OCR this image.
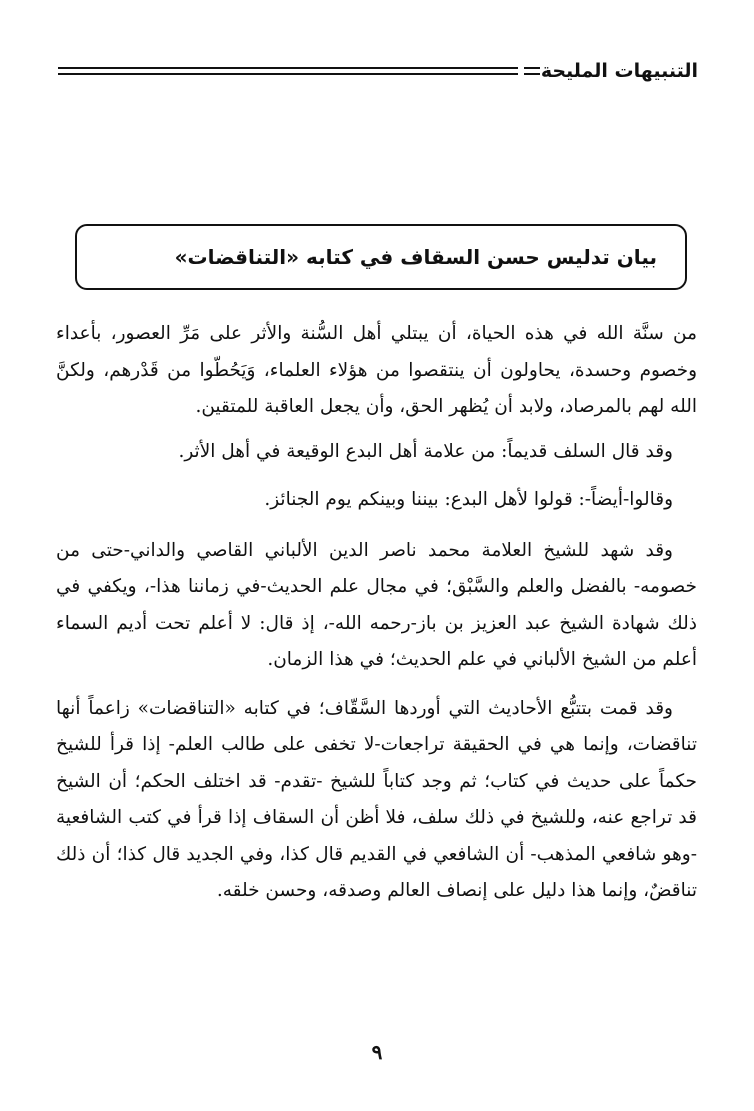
التنبيهات المليحة
بيان تدليس حسن السقاف في كتابه «التناقضات»

من سنَّة الله في هذه الحياة، أن يبتلي أهل السُّنة والأثر على مَرِّ العصور، بأعداء وخصوم وحسدة، يحاولون أن ينتقصوا من هؤلاء العلماء، وَيَحُطّوا من قَدْرهم، ولكنَّ الله لهم بالمرصاد، ولابد أن يُظهر الحق، وأن يجعل العاقبة للمتقين.

وقد قال السلف قديماً: من علامة أهل البدع الوقيعة في أهل الأثر.

وقالوا-أيضاً-: قولوا لأهل البدع: بيننا وبينكم يوم الجنائز.

وقد شهد للشيخ العلامة محمد ناصر الدين الألباني القاصي والداني-حتى من خصومه- بالفضل والعلم والسَّبْق؛ في مجال علم الحديث-في زماننا هذا-، ويكفي في ذلك شهادة الشيخ عبد العزيز بن باز-رحمه الله-، إذ قال: لا أعلم تحت أديم السماء أعلم من الشيخ الألباني في علم الحديث؛ في هذا الزمان.

وقد قمت بتتبُّع الأحاديث التي أوردها السَّقّاف؛ في كتابه «التناقضات» زاعماً أنها تناقضات، وإنما هي في الحقيقة تراجعات-لا تخفى على طالب العلم- إذا قرأ للشيخ حكماً على حديث في كتاب؛ ثم وجد كتاباً للشيخ -تقدم- قد اختلف الحكم؛ أن الشيخ قد تراجع عنه، وللشيخ في ذلك سلف، فلا أظن أن السقاف إذا قرأ في كتب الشافعية -وهو شافعي المذهب- أن الشافعي في القديم قال كذا، وفي الجديد قال كذا؛ أن ذلك تناقضٌ، وإنما هذا دليل على إنصاف العالم وصدقه، وحسن خلقه.

٩
